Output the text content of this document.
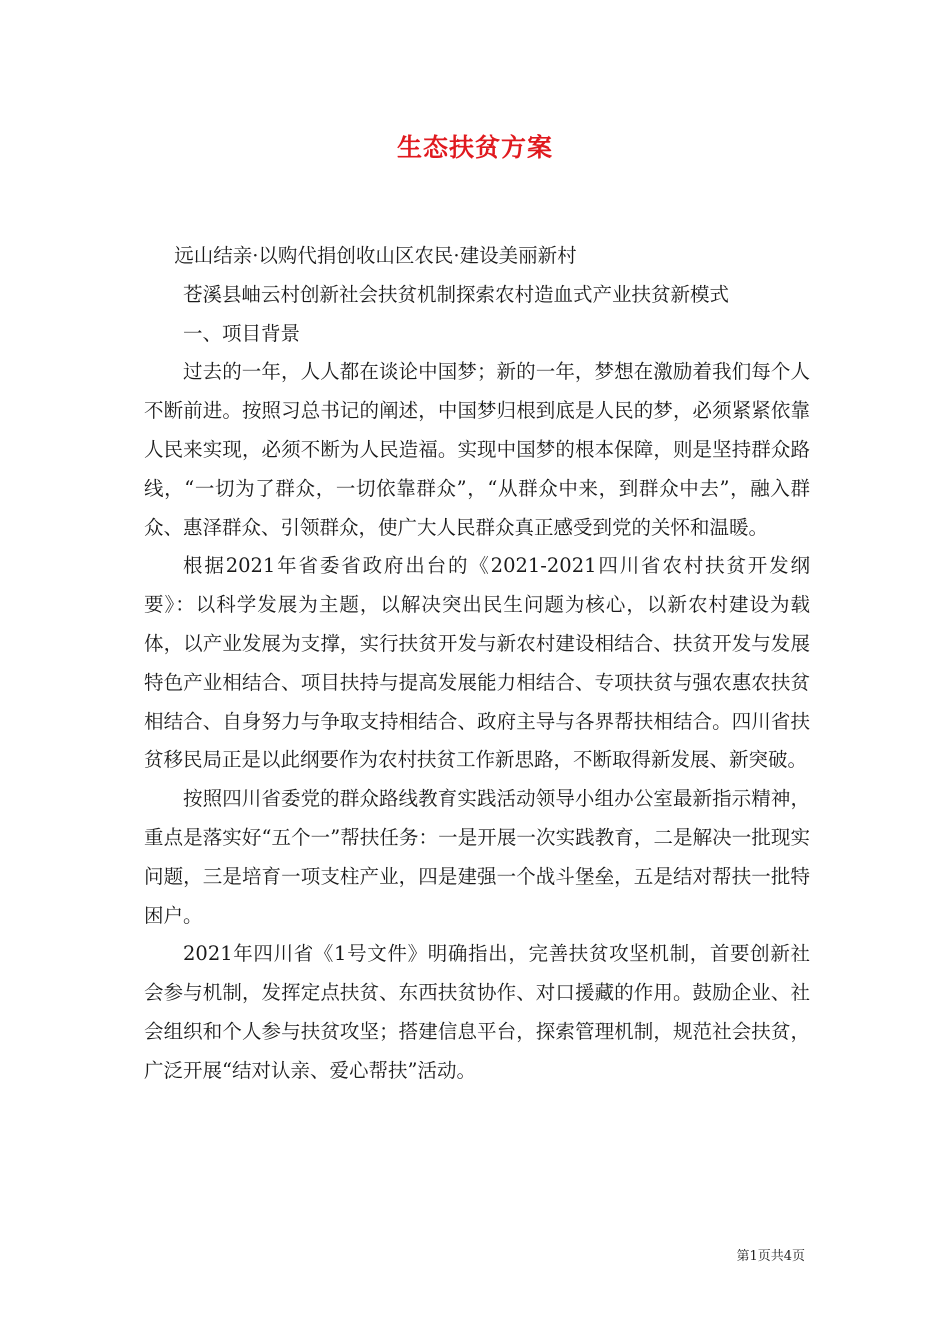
生态扶贫方案

远山结亲·以购代捐创收山区农民·建设美丽新村

苍溪县岫云村创新社会扶贫机制探索农村造血式产业扶贫新模式

一、项目背景

过去的一年，人人都在谈论中国梦；新的一年，梦想在激励着我们每个人不断前进。按照习总书记的阐述，中国梦归根到底是人民的梦，必须紧紧依靠人民来实现，必须不断为人民造福。实现中国梦的根本保障，则是坚持群众路线，“一切为了群众，一切依靠群众”，“从群众中来，到群众中去”，融入群众、惠泽群众、引领群众，使广大人民群众真正感受到党的关怀和温暖。

根据2021年省委省政府出台的《2021-2021四川省农村扶贫开发纲要》：以科学发展为主题，以解决突出民生问题为核心，以新农村建设为载体，以产业发展为支撑，实行扶贫开发与新农村建设相结合、扶贫开发与发展特色产业相结合、项目扶持与提高发展能力相结合、专项扶贫与强农惠农扶贫相结合、自身努力与争取支持相结合、政府主导与各界帮扶相结合。四川省扶贫移民局正是以此纲要作为农村扶贫工作新思路，不断取得新发展、新突破。

按照四川省委党的群众路线教育实践活动领导小组办公室最新指示精神，重点是落实好“五个一”帮扶任务：一是开展一次实践教育，二是解决一批现实问题，三是培育一项支柱产业，四是建强一个战斗堡垒，五是结对帮扶一批特困户。

2021年四川省《1号文件》明确指出，完善扶贫攻坚机制，首要创新社会参与机制，发挥定点扶贫、东西扶贫协作、对口援藏的作用。鼓励企业、社会组织和个人参与扶贫攻坚；搭建信息平台，探索管理机制，规范社会扶贫，广泛开展“结对认亲、爱心帮扶”活动。

第1页共4页
